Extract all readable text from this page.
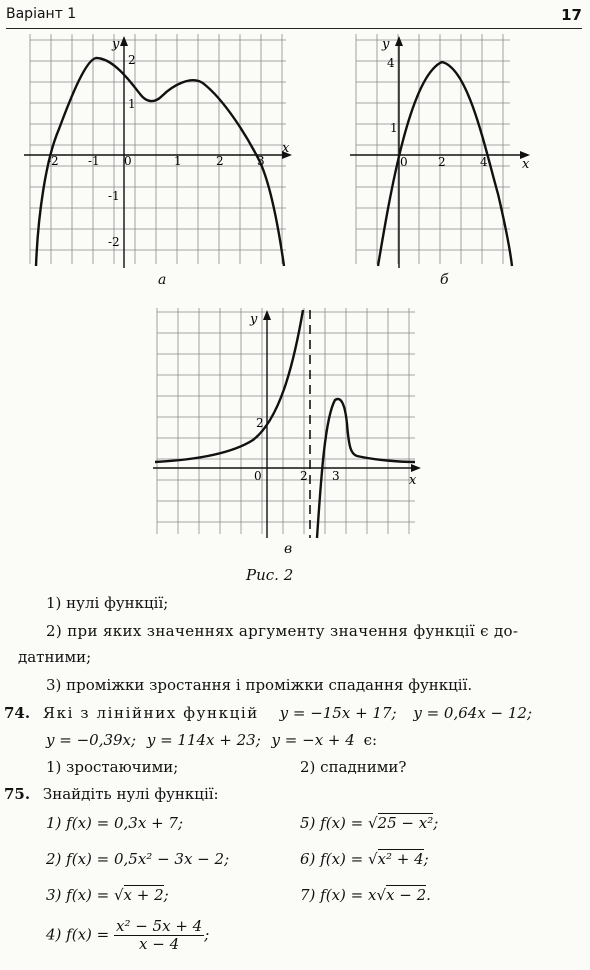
Варіант 1	17
-2 -1 0	1	2	3
x
2
1
-1
-2
y
а
0	2	4	x
4
1
y
б
0	2 3	x
2
y
в
Рис. 2
1) нулі функції;
2) при яких значеннях аргументу значення функції є до-
датними;
3) проміжки зростання і проміжки спадання функції.
74. Які з лінійних функцій y = −15x + 17; y = 0,64x − 12;
y = −0,39x; y = 114x + 23; y = −x + 4 є:
1) зростаючими;	2) спадними?
75. Знайдіть нулі функції:
1) f(x) = 0,3x + 7;	5) f(x) = √25 − x²;
2) f(x) = 0,5x² − 3x − 2;	6) f(x) = √x² + 4;
3) f(x) = √x + 2;	7) f(x) = x√x − 2.
4) $f(x) = \frac{\text{x² − 5x + 4}}{x - 4}$ ;
